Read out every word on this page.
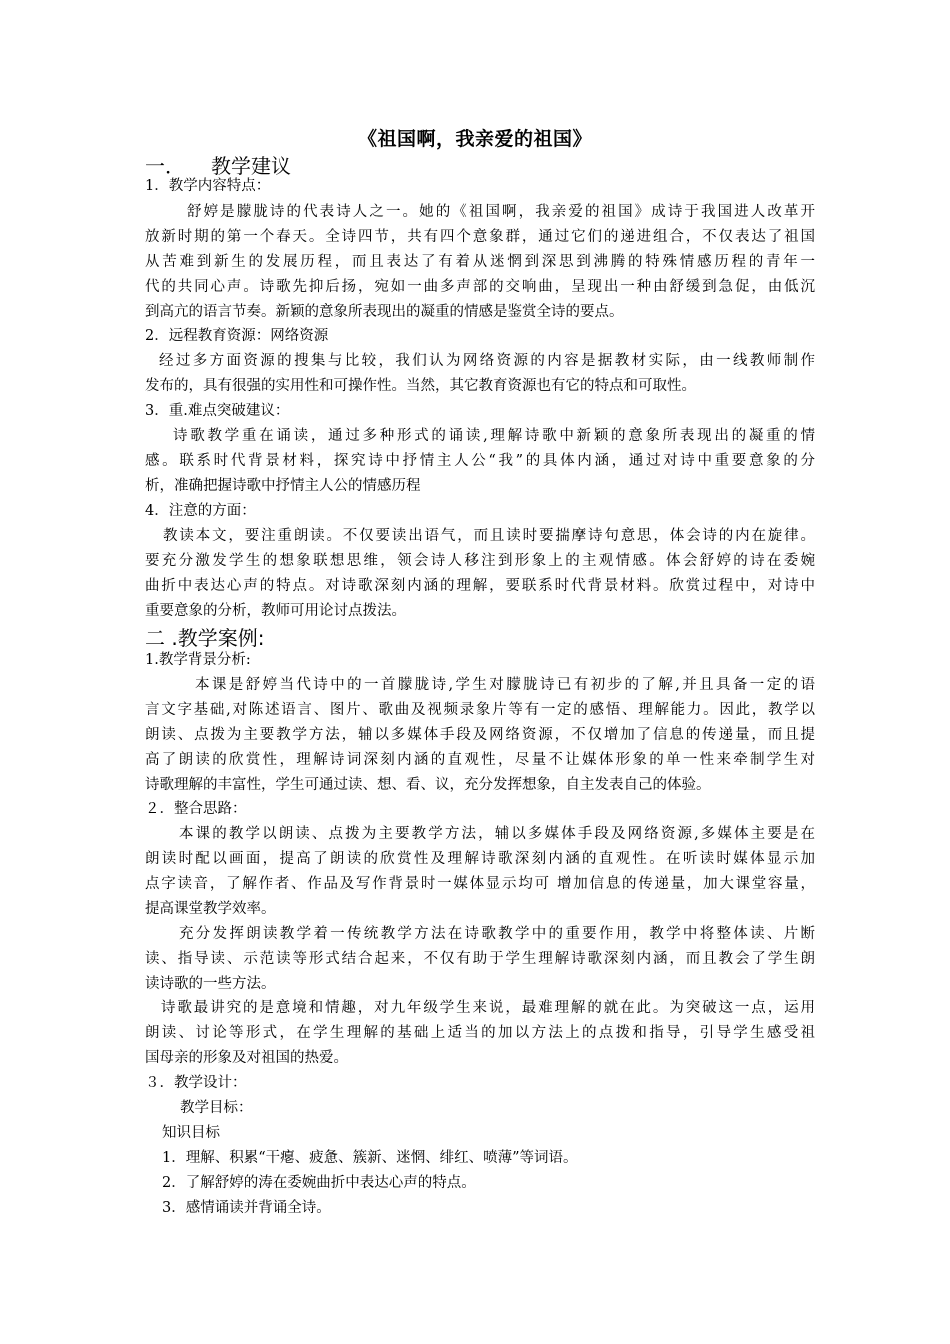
《祖国啊，我亲爱的祖国》
一． 教学建议
1．教学内容特点：
舒婷是朦胧诗的代表诗人之一。她的《祖国啊，我亲爱的祖国》成诗于我国进人改革开
放新时期的第一个春天。全诗四节，共有四个意象群，通过它们的递进组合，不仅表达了祖国
从苦难到新生的发展历程，而且表达了有着从迷惘到深思到沸腾的特殊情感历程的青年一
代的共同心声。诗歌先抑后扬，宛如一曲多声部的交响曲，呈现出一种由舒缓到急促，由低沉
到高亢的语言节奏。新颖的意象所表现出的凝重的情感是鉴赏全诗的要点。
2．远程教育资源：网络资源
经过多方面资源的搜集与比较，我们认为网络资源的内容是据教材实际，由一线教师制作
发布的，具有很强的实用性和可操作性。当然，其它教育资源也有它的特点和可取性。
3．重.难点突破建议：
诗歌教学重在诵读，通过多种形式的诵读,理解诗歌中新颖的意象所表现出的凝重的情
感。联系时代背景材料，探究诗中抒情主人公“我”的具体内涵，通过对诗中重要意象的分
析，准确把握诗歌中抒情主人公的情感历程
4．注意的方面：
教读本文，要注重朗读。不仅要读出语气，而且读时要揣摩诗句意思，体会诗的内在旋律。
要充分激发学生的想象联想思维，领会诗人移注到形象上的主观情感。体会舒婷的诗在委婉
曲折中表达心声的特点。对诗歌深刻内涵的理解，要联系时代背景材料。欣赏过程中，对诗中
重要意象的分析，教师可用论讨点拨法。
二 .教学案例:
1.教学背景分析:
本课是舒婷当代诗中的一首朦胧诗,学生对朦胧诗已有初步的了解,并且具备一定的语
言文字基础,对陈述语言、图片、歌曲及视频录象片等有一定的感悟、理解能力。因此，教学以
朗读、点拨为主要教学方法，辅以多媒体手段及网络资源，不仅增加了信息的传递量，而且提
高了朗读的欣赏性，理解诗词深刻内涵的直观性，尽量不让媒体形象的单一性来牵制学生对
诗歌理解的丰富性，学生可通过读、想、看、议，充分发挥想象，自主发表自己的体验。
２．整合思路：
本课的教学以朗读、点拨为主要教学方法，辅以多媒体手段及网络资源,多媒体主要是在
朗读时配以画面，提高了朗读的欣赏性及理解诗歌深刻内涵的直观性。在听读时媒体显示加
点字读音，了解作者、作品及写作背景时一媒体显示均可 增加信息的传递量，加大课堂容量，
提高课堂教学效率。
充分发挥朗读教学着一传统教学方法在诗歌教学中的重要作用，教学中将整体读、片断
读、指导读、示范读等形式结合起来，不仅有助于学生理解诗歌深刻内涵，而且教会了学生朗
读诗歌的一些方法。
诗歌最讲究的是意境和情趣，对九年级学生来说，最难理解的就在此。为突破这一点，运用
朗读、讨论等形式，在学生理解的基础上适当的加以方法上的点拨和指导，引导学生感受祖
国母亲的形象及对祖国的热爱。
３．教学设计：
教学目标：
知识目标
1．理解、积累“干瘪、疲惫、簇新、迷惘、绯红、喷薄”等词语。
2．了解舒婷的涛在委婉曲折中表达心声的特点。
3．感情诵读并背诵全诗。
